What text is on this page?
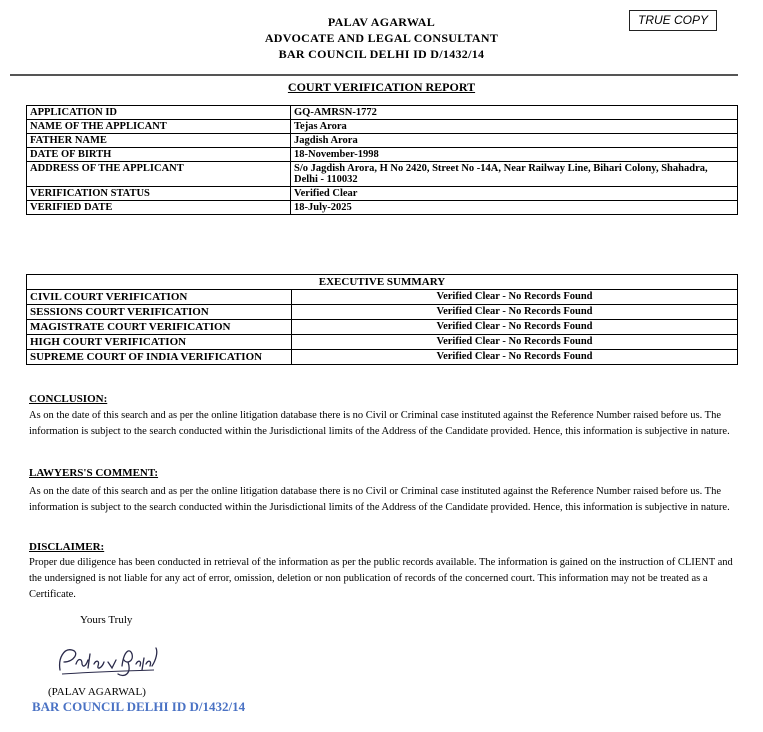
PALAV AGARWAL
ADVOCATE AND LEGAL CONSULTANT
BAR COUNCIL DELHI ID D/1432/14
TRUE COPY
COURT VERIFICATION REPORT
APPLICATION ID	GQ-AMRSN-1772
NAME OF THE APPLICANT	Tejas Arora
FATHER NAME	Jagdish Arora
DATE OF BIRTH	18-November-1998
ADDRESS OF THE APPLICANT	S/o Jagdish Arora, H No 2420, Street No -14A, Near Railway Line, Bihari Colony, Shahadra, Delhi - 110032
VERIFICATION STATUS	Verified Clear
VERIFIED DATE	18-July-2025
EXECUTIVE SUMMARY	
CIVIL COURT VERIFICATION	Verified Clear - No Records Found
SESSIONS COURT VERIFICATION	Verified Clear - No Records Found
MAGISTRATE COURT VERIFICATION	Verified Clear - No Records Found
HIGH COURT VERIFICATION	Verified Clear - No Records Found
SUPREME COURT OF INDIA VERIFICATION	Verified Clear - No Records Found
CONCLUSION:
As on the date of this search and as per the online litigation database there is no Civil or Criminal case instituted against the Reference Number raised before us. The information is subject to the search conducted within the Jurisdictional limits of the Address of the Candidate provided. Hence, this information is subjective in nature.
LAWYERS'S COMMENT:
As on the date of this search and as per the online litigation database there is no Civil or Criminal case instituted against the Reference Number raised before us. The information is subject to the search conducted within the Jurisdictional limits of the Address of the Candidate provided. Hence, this information is subjective in nature.
DISCLAIMER:
Proper due diligence has been conducted in retrieval of the information as per the public records available. The information is gained on the instruction of CLIENT and the undersigned is not liable for any act of error, omission, deletion or non publication of records of the concerned court. This information may not be treated as a Certificate.
Yours Truly
(PALAV AGARWAL)
BAR COUNCIL DELHI ID D/1432/14
